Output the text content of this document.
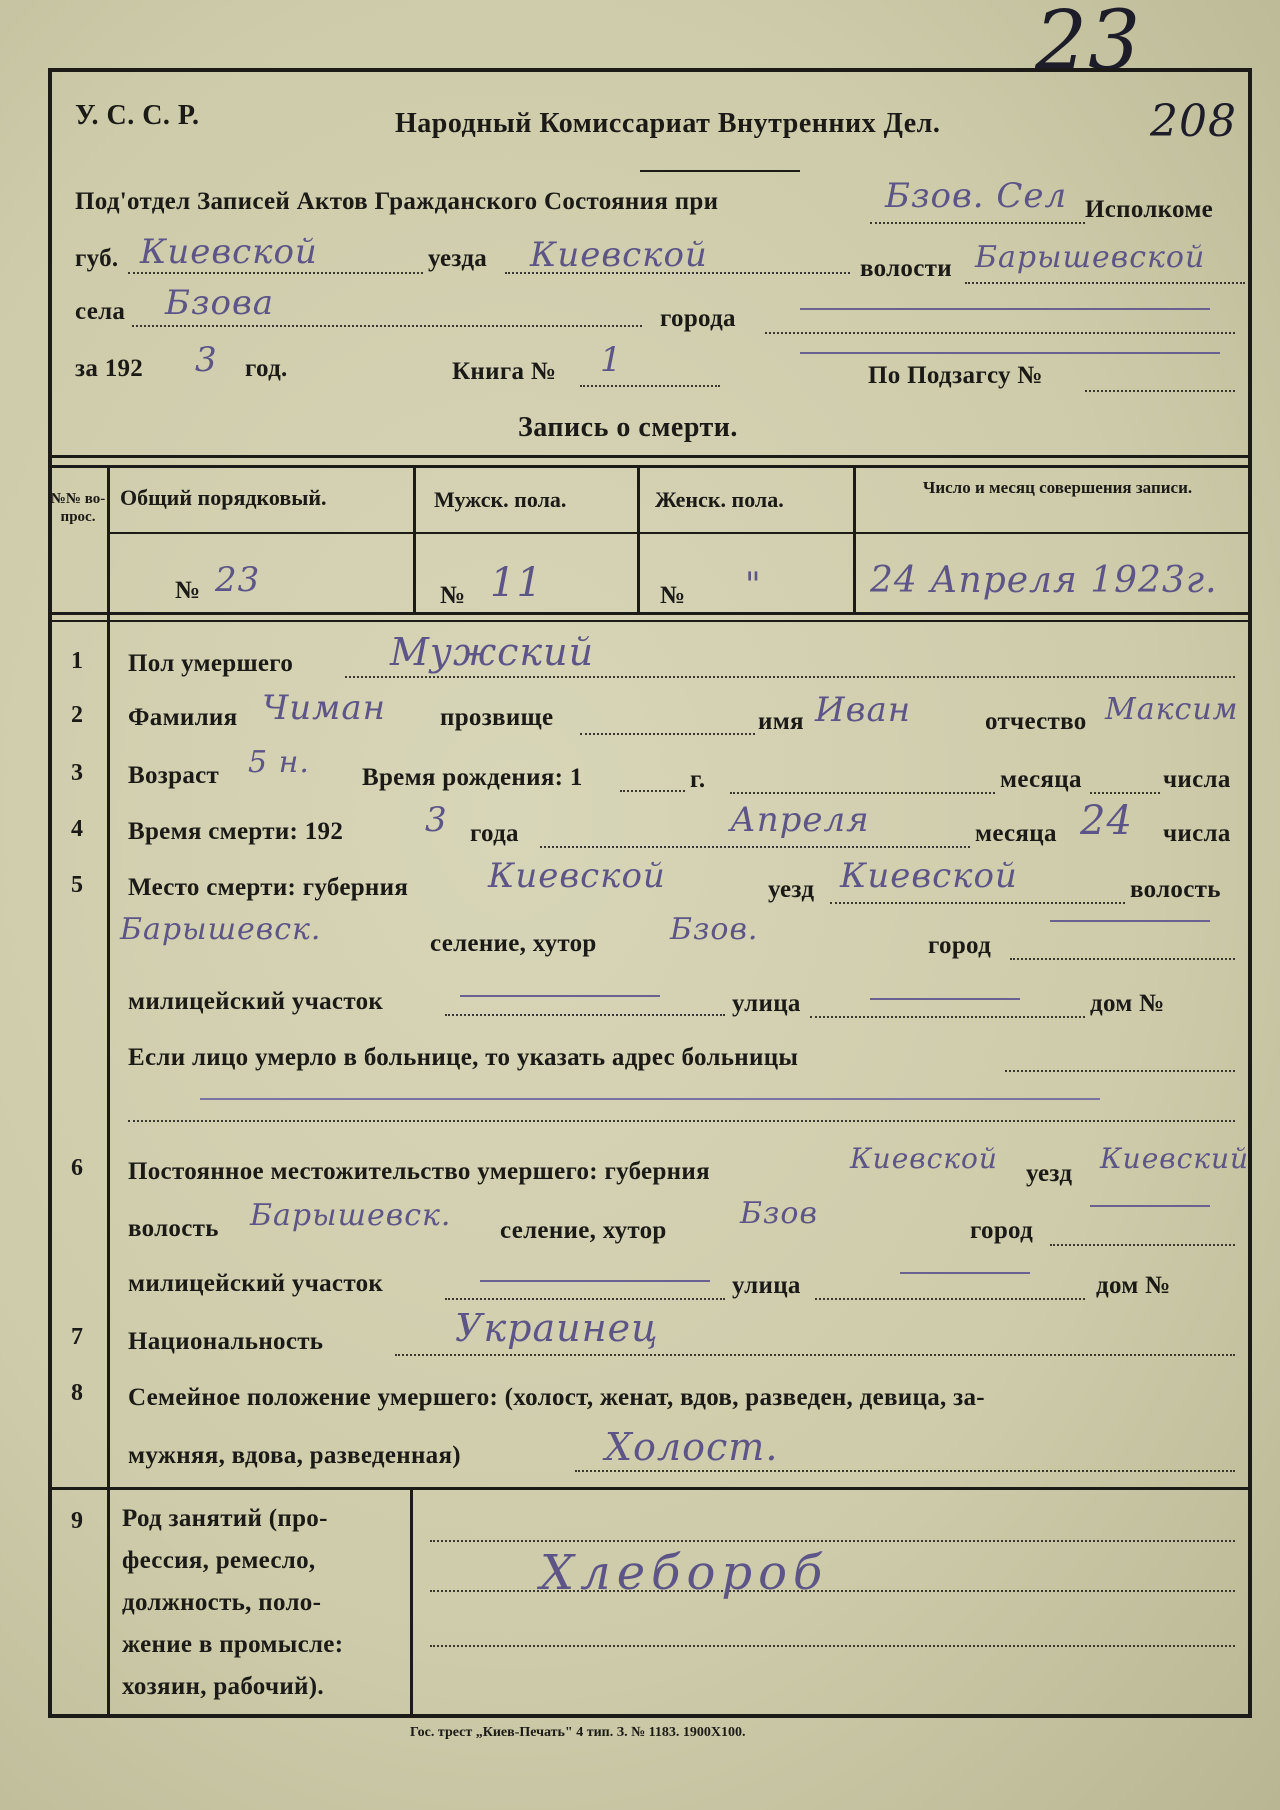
23
208
У. С. С. Р.	Народный Комиссариат Внутренних Дел.
Под'отдел Записей Актов Гражданского Состояния при	Бзов. Сел Исполкоме
губ. Киевской	уезда Киевской	волости Барышевской
села Бзова	города
за 192 3 год.	Книга № 1	По Подзагсу №
Запись о смерти.
№№ во- прос.
Общий порядковый.	Мужск. пола.	Женск. пола.	Число и месяц совершения записи.
№ 23	№ 11	№ "	24 Апреля 1923г.
1	Пол умершего	Мужский
2	Фамилия Чиман прозвище	имя Иван	отчество Максим
3	Возраст 5 н. Время рождения: 1	г.	месяца	числа
4	Время смерти: 192 3 года	Апреля	месяца 24 числа
5	Место смерти: губерния Киевской	уезд Киевской	волость
Барышевск.	селение, хутор Бзов.	город
милицейский участок	улица	дом №
Если лицо умерло в больнице, то указать адрес больницы
6	Постоянное местожительство умершего: губерния	Киевской уезд Киевский
волость Барышевск. селение, хутор Бзов	город
милицейский участок	улица	дом №
7	Национальность	Украинец
8	Семейное положение умершего: (холост, женат, вдов, разведен, девица, за-
мужняя, вдова, разведенная)	Холост.
9	Род занятий (про-
фессия, ремесло,
должность, поло-
жение в промысле:
хозяин, рабочий).
Хлебороб
Гос. трест „Киев-Печать" 4 тип. З. № 1183. 1900Х100.
